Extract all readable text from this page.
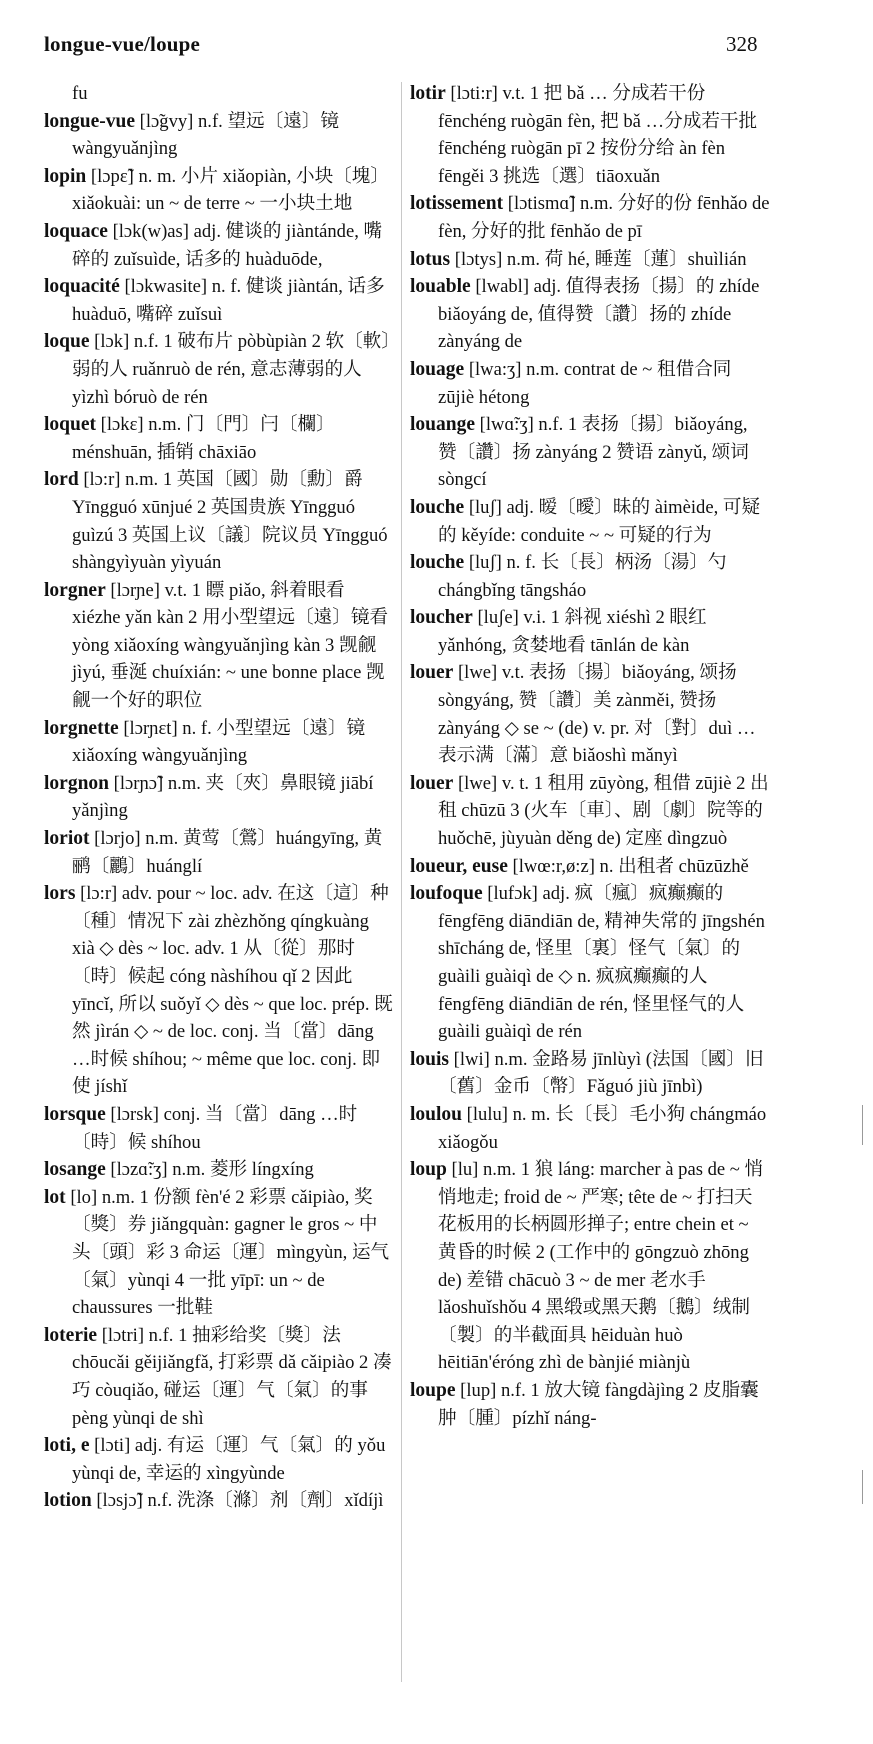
longue-vue/loupe	328

fu

longue-vue [lɔ̃gvy] n.f. 望远〔遠〕镜 wàngyuǎnjìng

lopin [lɔpɛ̃] n. m. 小片 xiǎopiàn, 小块〔塊〕xiǎokuài: un ~ de terre ~ 一小块土地

loquace [lɔk(w)as] adj. 健谈的 jiàntánde, 嘴碎的 zuǐsuìde, 话多的 huàduōde,

loquacité [lɔkwasite] n. f. 健谈 jiàntán, 话多 huàduō, 嘴碎 zuǐsuì

loque [lɔk] n.f. 1 破布片 pòbùpiàn 2 软〔軟〕弱的人 ruǎnruò de rén, 意志薄弱的人 yìzhì bóruò de rén

loquet [lɔkɛ] n.m. 门〔門〕闩〔欄〕ménshuān, 插销 chāxiāo

lord [lɔ:r] n.m. 1 英国〔國〕勋〔勳〕爵 Yīngguó xūnjué 2 英国贵族 Yīngguó guìzú 3 英国上议〔議〕院议员 Yīngguó shàngyìyuàn yìyuán

lorgner [lɔrɲe] v.t. 1 瞟 piǎo, 斜着眼看 xiézhe yǎn kàn 2 用小型望远〔遠〕镜看 yòng xiǎoxíng wàngyuǎnjìng kàn 3 觊觎 jìyú, 垂涎 chuíxián: ~ une bonne place 觊觎一个好的职位

lorgnette [lɔrɲɛt] n. f. 小型望远〔遠〕镜 xiǎoxíng wàngyuǎnjìng

lorgnon [lɔrɲɔ̃] n.m. 夹〔夾〕鼻眼镜 jiābí yǎnjìng

loriot [lɔrjo] n.m. 黄莺〔鶯〕huángyīng, 黄鹂〔鸝〕huánglí

lors [lɔ:r] adv. pour ~ loc. adv. 在这〔這〕种〔種〕情况下 zài zhèzhǒng qíngkuàng xià ◇ dès ~ loc. adv. 1 从〔從〕那时〔時〕候起 cóng nàshíhou qǐ 2 因此 yīncǐ, 所以 suǒyǐ ◇ dès ~ que loc. prép. 既然 jìrán ◇ ~ de loc. conj. 当〔當〕dāng …时候 shíhou; ~ même que loc. conj. 即使 jíshǐ

lorsque [lɔrsk] conj. 当〔當〕dāng …时〔時〕候 shíhou

losange [lɔzɑ̃:ʒ] n.m. 菱形 língxíng

lot [lo] n.m. 1 份额 fèn'é 2 彩票 cǎipiào, 奖〔獎〕券 jiǎngquàn: gagner le gros ~ 中头〔頭〕彩 3 命运〔運〕mìngyùn, 运气〔氣〕yùnqi 4 一批 yīpī: un ~ de chaussures 一批鞋

loterie [lɔtri] n.f. 1 抽彩给奖〔獎〕法 chōucǎi gěijiǎngfǎ, 打彩票 dǎ cǎipiào 2 凑巧 còuqiǎo, 碰运〔運〕气〔氣〕的事 pèng yùnqi de shì

loti, e [lɔti] adj. 有运〔運〕气〔氣〕的 yǒu yùnqi de, 幸运的 xìngyùnde

lotion [lɔsjɔ̃] n.f. 洗涤〔滌〕剂〔劑〕xǐdíjì

lotir [lɔti:r] v.t. 1 把 bǎ … 分成若干份 fēnchéng ruògān fèn, 把 bǎ …分成若干批 fēnchéng ruògān pī 2 按份分给 àn fèn fēngěi 3 挑选〔選〕tiāoxuǎn

lotissement [lɔtismɑ̃] n.m. 分好的份 fēnhǎo de fèn, 分好的批 fēnhǎo de pī

lotus [lɔtys] n.m. 荷 hé, 睡莲〔蓮〕shuìlián

louable [lwabl] adj. 值得表扬〔揚〕的 zhíde biǎoyáng de, 值得赞〔讚〕扬的 zhíde zànyáng de

louage [lwa:ʒ] n.m. contrat de ~ 租借合同 zūjiè hétong

louange [lwɑ̃:ʒ] n.f. 1 表扬〔揚〕biǎoyáng, 赞〔讚〕扬 zànyáng 2 赞语 zànyǔ, 颂词 sòngcí

louche [luʃ] adj. 暧〔曖〕昧的 àimèide, 可疑的 kěyíde: conduite ~ ~ 可疑的行为

louche [luʃ] n. f. 长〔長〕柄汤〔湯〕勺 chángbǐng tāngsháo

loucher [luʃe] v.i. 1 斜视 xiéshì 2 眼红 yǎnhóng, 贪婪地看 tānlán de kàn

louer [lwe] v.t. 表扬〔揚〕biǎoyáng, 颂扬 sòngyáng, 赞〔讚〕美 zànměi, 赞扬 zànyáng ◇ se ~ (de) v. pr. 对〔對〕duì …表示满〔滿〕意 biǎoshì mǎnyì

louer [lwe] v. t. 1 租用 zūyòng, 租借 zūjiè 2 出租 chūzū 3 (火车〔車〕、剧〔劇〕院等的 huǒchē, jùyuàn děng de) 定座 dìngzuò

loueur, euse [lwœ:r,ø:z] n. 出租者 chūzūzhě

loufoque [lufɔk] adj. 疯〔瘋〕疯癫癫的 fēngfēng diāndiān de, 精神失常的 jīngshén shīcháng de, 怪里〔裏〕怪气〔氣〕的 guàili guàiqì de ◇ n. 疯疯癫癫的人 fēngfēng diāndiān de rén, 怪里怪气的人 guàili guàiqì de rén

louis [lwi] n.m. 金路易 jīnlùyì (法国〔國〕旧〔舊〕金币〔幣〕Fǎguó jiù jīnbì)

loulou [lulu] n. m. 长〔長〕毛小狗 chángmáo xiǎogǒu

loup [lu] n.m. 1 狼 láng: marcher à pas de ~ 悄悄地走; froid de ~ 严寒; tête de ~ 打扫天花板用的长柄圆形掸子; entre chein et ~ 黄昏的时候 2 (工作中的 gōngzuò zhōng de) 差错 chācuò 3 ~ de mer 老水手 lǎoshuǐshǒu 4 黑缎或黑天鹅〔鵝〕绒制〔製〕的半截面具 hēiduàn huò hēitiān'éróng zhì de bànjié miànjù

loupe [lup] n.f. 1 放大镜 fàngdàjìng 2 皮脂囊肿〔腫〕pízhǐ náng-
